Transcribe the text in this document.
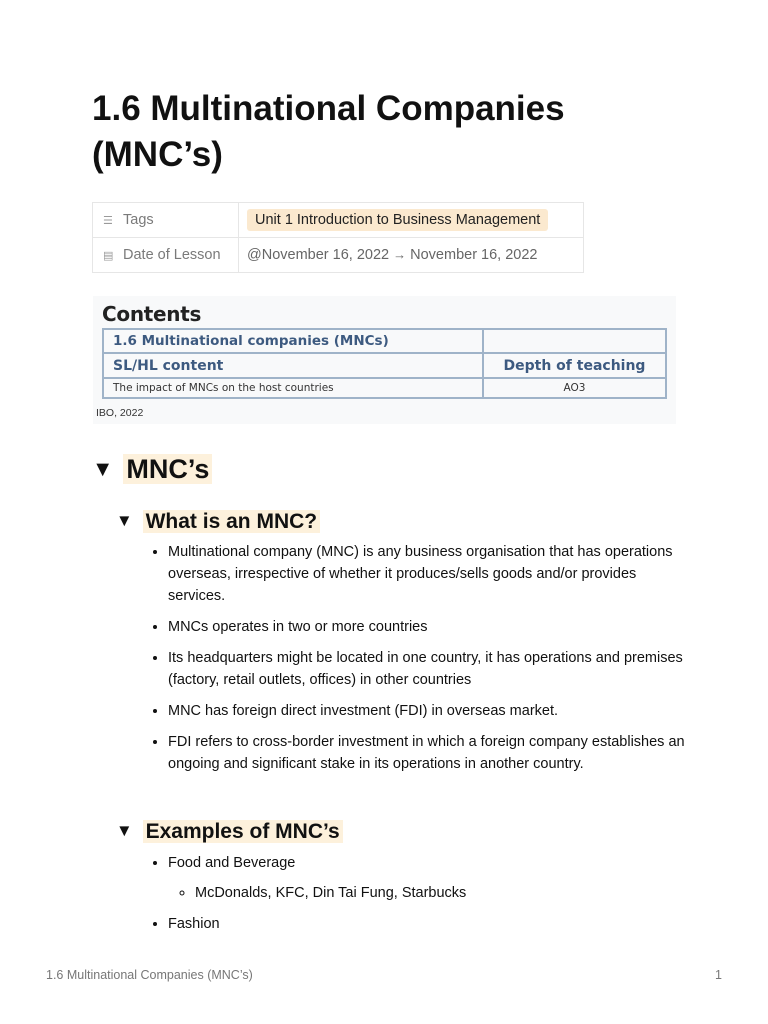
1.6 Multinational Companies (MNC’s)
☰ Tags	Unit 1 Introduction to Business Management
▤ Date of Lesson	@November 16, 2022 → November 16, 2022
Contents
1.6 Multinational companies (MNCs)	
SL/HL content	Depth of teaching
The impact of MNCs on the host countries	AO3
IBO, 2022
▼ MNC’s
▼ What is an MNC?
• Multinational company (MNC) is any business organisation that has operations overseas, irrespective of whether it produces/sells goods and/or provides services.
• MNCs operates in two or more countries
• Its headquarters might be located in one country, it has operations and premises (factory, retail outlets, offices) in other countries
• MNC has foreign direct investment (FDI) in overseas market.
• FDI refers to cross-border investment in which a foreign company establishes an ongoing and significant stake in its operations in another country.
▼ Examples of MNC’s
• Food and Beverage
◦ McDonalds, KFC, Din Tai Fung, Starbucks
• Fashion
1.6 Multinational Companies (MNC’s)	1
